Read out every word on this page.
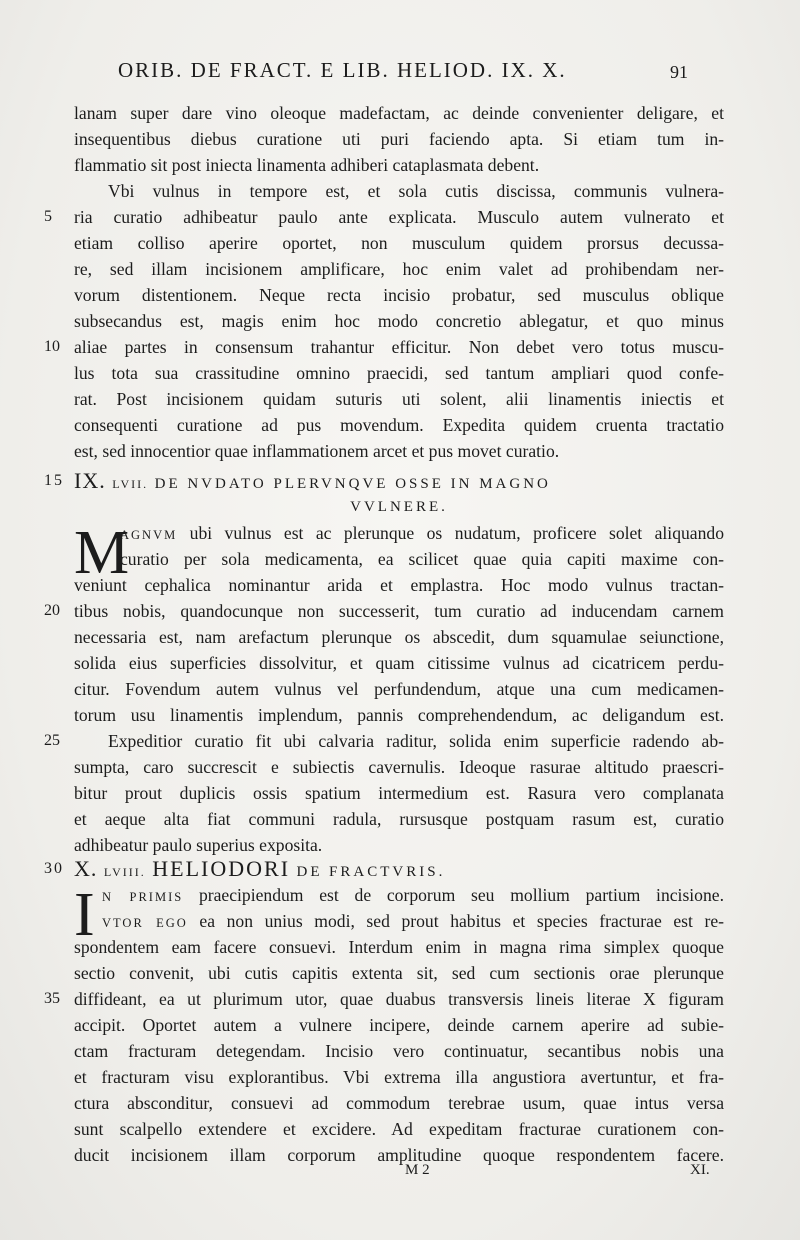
ORIB. DE FRACT. E LIB. HELIOD. IX. X.	91
lanam super dare vino oleoque madefactam, ac deinde convenienter deligare, et
insequentibus diebus curatione uti puri faciendo apta. Si etiam tum in-
flammatio sit post iniecta linamenta adhiberi cataplasmata debent.
Vbi vulnus in tempore est, et sola cutis discissa, communis vulnera-
5 ria curatio adhibeatur paulo ante explicata. Musculo autem vulnerato et
etiam collisо aperire oportet, non musculum quidem prorsus decussa-
re, sed illam incisionem amplificare, hoc enim valet ad prohibendam ner-
vorum distentionem. Neque recta incisio probatur, sed musculus oblique
subsecandus est, magis enim hoc modo concretio ablegatur, et quo minus
10 aliae partes in consensum trahantur efficitur. Non debet vero totus muscu-
lus tota sua crassitudine omnino praecidi, sed tantum ampliari quod confe-
rat. Post incisionem quidam suturis uti solent, alii linamentis iniectis et
consequenti curatione ad pus movendum. Expedita quidem cruenta tractatio
est, sed innocentior quae inflammationem arcet et pus movet curatio.
15 IX. LVII. DE NVDATO PLERVNQVE OSSE IN MAGNO
VVLNERE.
M
AGNVM ubi vulnus est ac plerunque os nudatum, proficere solet aliquando
curatio per sola medicamenta, ea scilicet quae quia capiti maxime con-
veniunt cephalica nominantur arida et emplastra. Hoc modo vulnus tractan-
20 tibus nobis, quandocunque non successerit, tum curatio ad inducendam carnem
necessaria est, nam arefactum plerunque os abscedit, dum squamulae seiunctione,
solida eius superficies dissolvitur, et quam citissime vulnus ad cicatricem perdu-
citur. Fovendum autem vulnus vel perfundendum, atque una cum medicamen-
torum usu linamentis implendum, pannis comprehendendum, ac deligandum est.
25	Expeditior curatio fit ubi calvaria raditur, solida enim superficie radendo ab-
sumpta, caro succrescit e subiectis cavernulis. Ideoque rasurae altitudo praescri-
bitur prout duplicis ossis spatium intermedium est. Rasura vero complanata
et aeque alta fiat communi radula, rursusque postquam rasum est, curatio
adhibeatur paulo superius exposita.
30 X. LVIII. HELIODORI DE FRACTVRIS.
I N PRIMIS praecipiendum est de corporum seu mollium partium incisione.
VTOR EGO ea non unius modi, sed prout habitus et species fracturae est re-
spondentem eam facere consuevi. Interdum enim in magna rima simplex quoque
sectio convenit, ubi cutis capitis extenta sit, sed cum sectionis orae plerunque
35 diffideant, ea ut plurimum utor, quae duabus transversis lineis literae X figuram
accipit. Oportet autem a vulnere incipere, deinde carnem aperire ad subie-
ctam fracturam detegendam. Incisio vero continuatur, secantibus nobis una
et fracturam visu explorantibus. Vbi extrema illa angustiora avertuntur, et fra-
ctura absconditur, consuevi ad commodum terebrae usum, quae intus versa
sunt scalpello extendere et excidere. Ad expeditam fracturae curationem con-
ducit incisionem illam corporum amplitudine quoque respondentem facere.
M 2	XI.
